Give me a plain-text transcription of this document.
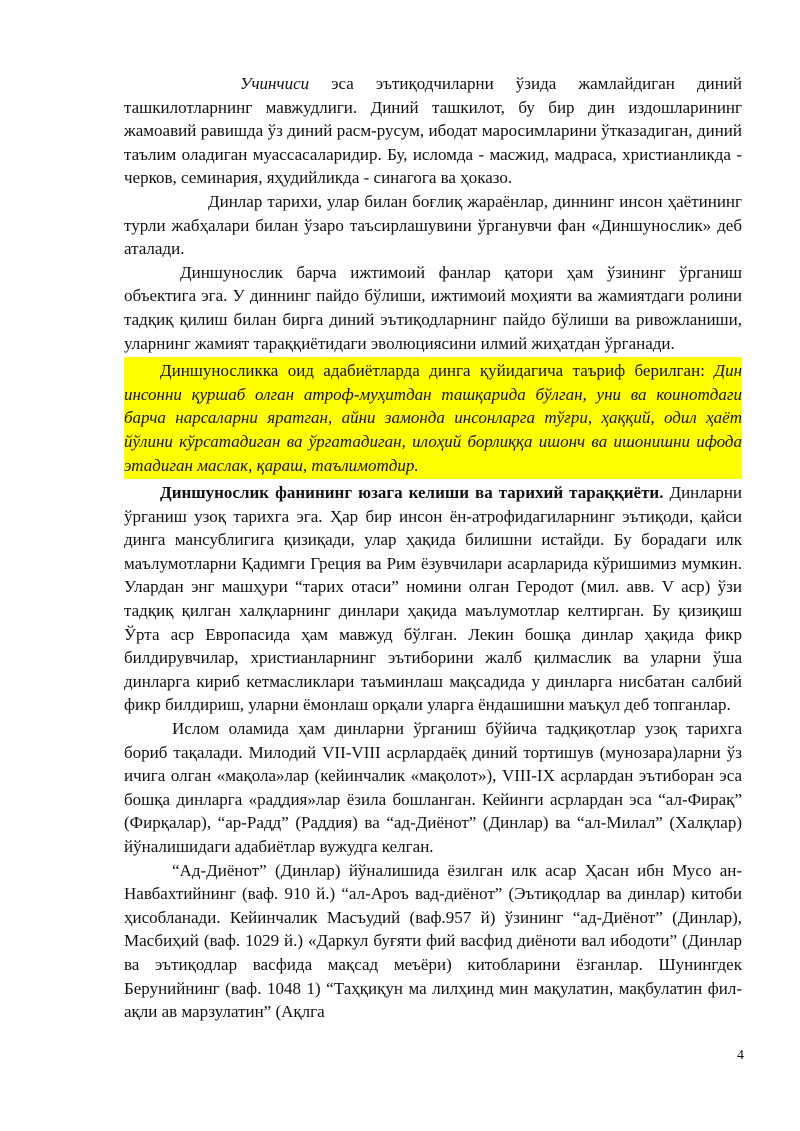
Учинчиси эса эътиқодчиларни ўзида жамлайдиган диний ташкилотларнинг мавжудлиги. Диний ташкилот, бу бир дин издошларининг жамоавий равишда ўз диний расм-русум, ибодат маросимларини ўтказадиган, диний таълим оладиган муассасаларидир. Бу, исломда - масжид, мадраса, христианликда - черков, семинария, яҳудийликда - синагога ва ҳоказо.

Динлар тарихи, улар билан боғлиқ жараёнлар, диннинг инсон ҳаётининг турли жабҳалари билан ўзаро таъсирлашувини ўрганувчи фан «Диншунослик» деб аталади.

Диншунослик барча ижтимоий фанлар қатори ҳам ўзининг ўрганиш объектига эга. У диннинг пайдо бўлиши, ижтимоий моҳияти ва жамиятдаги ролини тадқиқ қилиш билан бирга диний эътиқодларнинг пайдо бўлиши ва ривожланиши, уларнинг жамият тараққиётидаги эволюциясини илмий жиҳатдан ўрганади.

Диншуносликка оид адабиётларда динга қуйидагича таъриф берилган: Дин инсонни қуршаб олган атроф-муҳитдан ташқарида бўлган, уни ва коинотдаги барча нарсаларни яратган, айни замонда инсонларга тўғри, ҳаққий, одил ҳаёт йўлини кўрсатадиган ва ўргатадиган, илоҳий борлиққа ишонч ва ишонишни ифода этадиган маслак, қараш, таълимотдир.

Диншунослик фанининг юзага келиши ва тарихий тараққиёти. Динларни ўрганиш узоқ тарихга эга. Ҳар бир инсон ён-атрофидагиларнинг эътиқоди, қайси динга мансублигига қизиқади, улар ҳақида билишни истайди. Бу борадаги илк маълумотларни Қадимги Греция ва Рим ёзувчилари асарларида кўришимиз мумкин. Улардан энг машҳури “тарих отаси” номини олган Геродот (мил. авв. V аср) ўзи тадқиқ қилган халқларнинг динлари ҳақида маълумотлар келтирган. Бу қизиқиш Ўрта аср Европасида ҳам мавжуд бўлган. Лекин бошқа динлар ҳақида фикр билдирувчилар, христианларнинг эътиборини жалб қилмаслик ва уларни ўша динларга кириб кетмасликлари таъминлаш мақсадида у динларга нисбатан салбий фикр билдириш, уларни ёмонлаш орқали уларга ёндашишни маъқул деб топганлар.

Ислом оламида ҳам динларни ўрганиш бўйича тадқиқотлар узоқ тарихга бориб тақалади. Милодий VII-VIII асрлардаёқ диний тортишув (мунозара)ларни ўз ичига олган «мақола»лар (кейинчалик «мақолот»), VIII-IX асрлардан эътиборан эса бошқа динларга «раддия»лар ёзила бошланган. Кейинги асрлардан эса “ал-Фирақ” (Фирқалар), “ар-Радд” (Раддия) ва “ад-Диёнот” (Динлар) ва “ал-Милал” (Халқлар) йўналишидаги адабиётлар вужудга келган.

“Ад-Диёнот” (Динлар) йўналишида ёзилган илк асар Ҳасан ибн Мусо ан-Навбахтийнинг (ваф. 910 й.) “ал-Ароъ вад-диёнот” (Эътиқодлар ва динлар) китоби ҳисобланади. Кейинчалик Масъудий (ваф.957 й) ўзининг “ад-Диёнот” (Динлар), Масбиҳий (ваф. 1029 й.) «Даркул буғяти фий васфид диёноти вал ибодоти” (Динлар ва эътиқодлар васфида мақсад меъёри) китобларини ёзганлар. Шунингдек Берунийнинг (ваф. 1048 1) “Таҳқиқун ма лилҳинд мин мақулатин, мақбулатин фил-ақли ав марзулатин” (Ақлга

4
